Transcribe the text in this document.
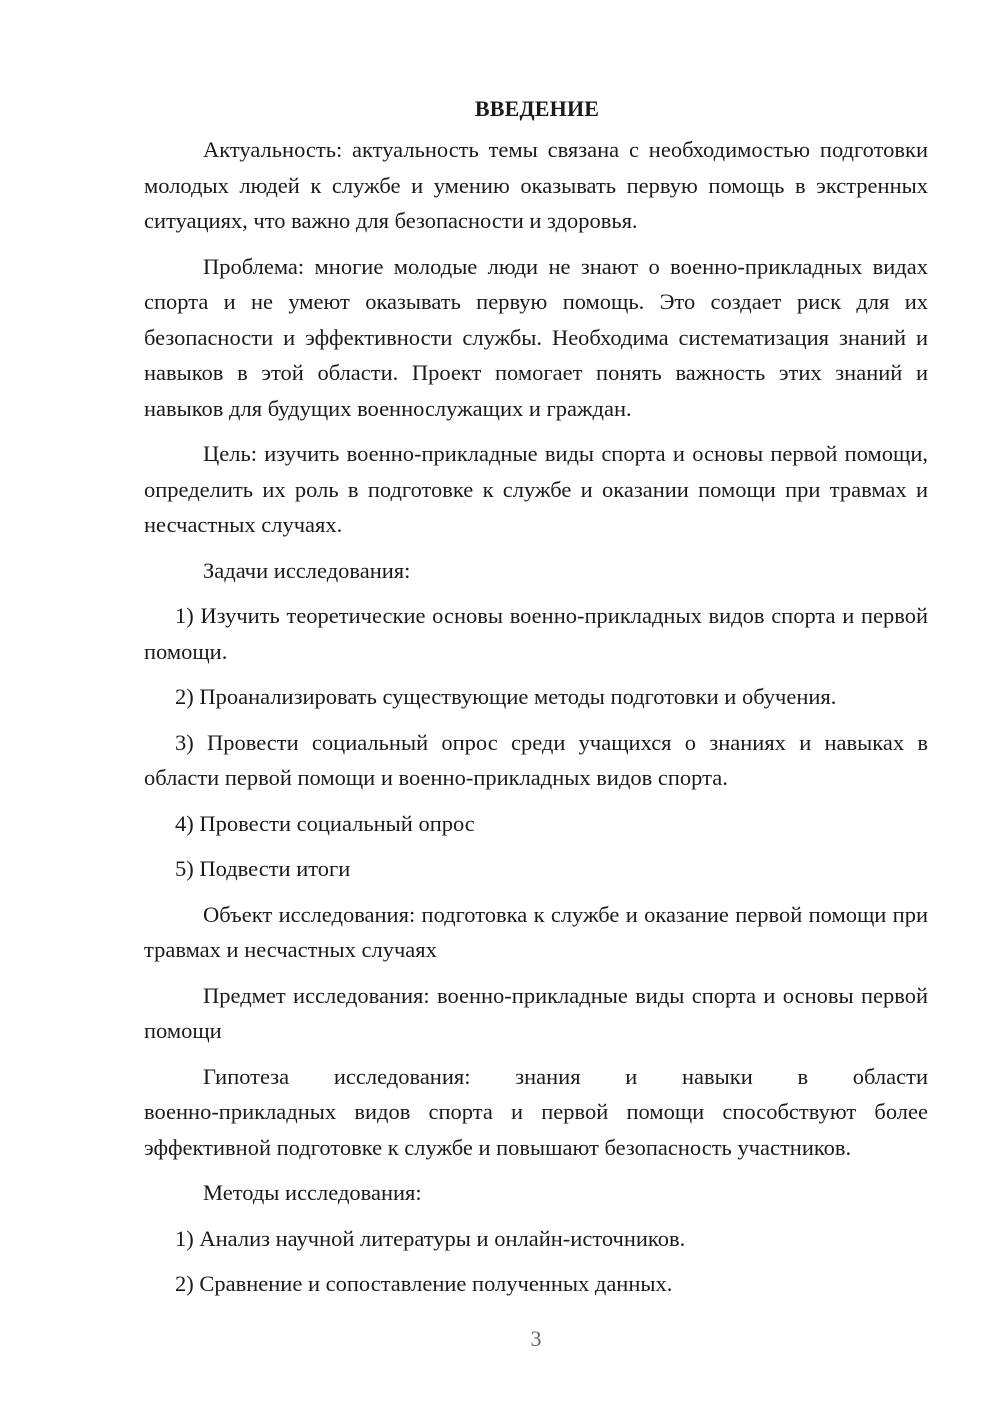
ВВЕДЕНИЕ

Актуальность: актуальность темы связана с необходимостью подготовки молодых людей к службе и умению оказывать первую помощь в экстренных ситуациях, что важно для безопасности и здоровья.

Проблема: многие молодые люди не знают о военно-прикладных видах спорта и не умеют оказывать первую помощь. Это создает риск для их безопасности и эффективности службы. Необходима систематизация знаний и навыков в этой области. Проект помогает понять важность этих знаний и навыков для будущих военнослужащих и граждан.

Цель: изучить военно-прикладные виды спорта и основы первой помощи, определить их роль в подготовке к службе и оказании помощи при травмах и несчастных случаях.

Задачи исследования:

1) Изучить теоретические основы военно-прикладных видов спорта и первой помощи.

2) Проанализировать существующие методы подготовки и обучения.

3) Провести социальный опрос среди учащихся о знаниях и навыках в области первой помощи и военно-прикладных видов спорта.

4) Провести социальный опрос

5) Подвести итоги

Объект исследования: подготовка к службе и оказание первой помощи при травмах и несчастных случаях

Предмет исследования: военно-прикладные виды спорта и основы первой помощи

Гипотеза исследования: знания и навыки в области

военно-прикладных видов спорта и первой помощи способствуют более эффективной подготовке к службе и повышают безопасность участников.

Методы исследования:

1) Анализ научной литературы и онлайн-источников.

2) Сравнение и сопоставление полученных данных.

3
